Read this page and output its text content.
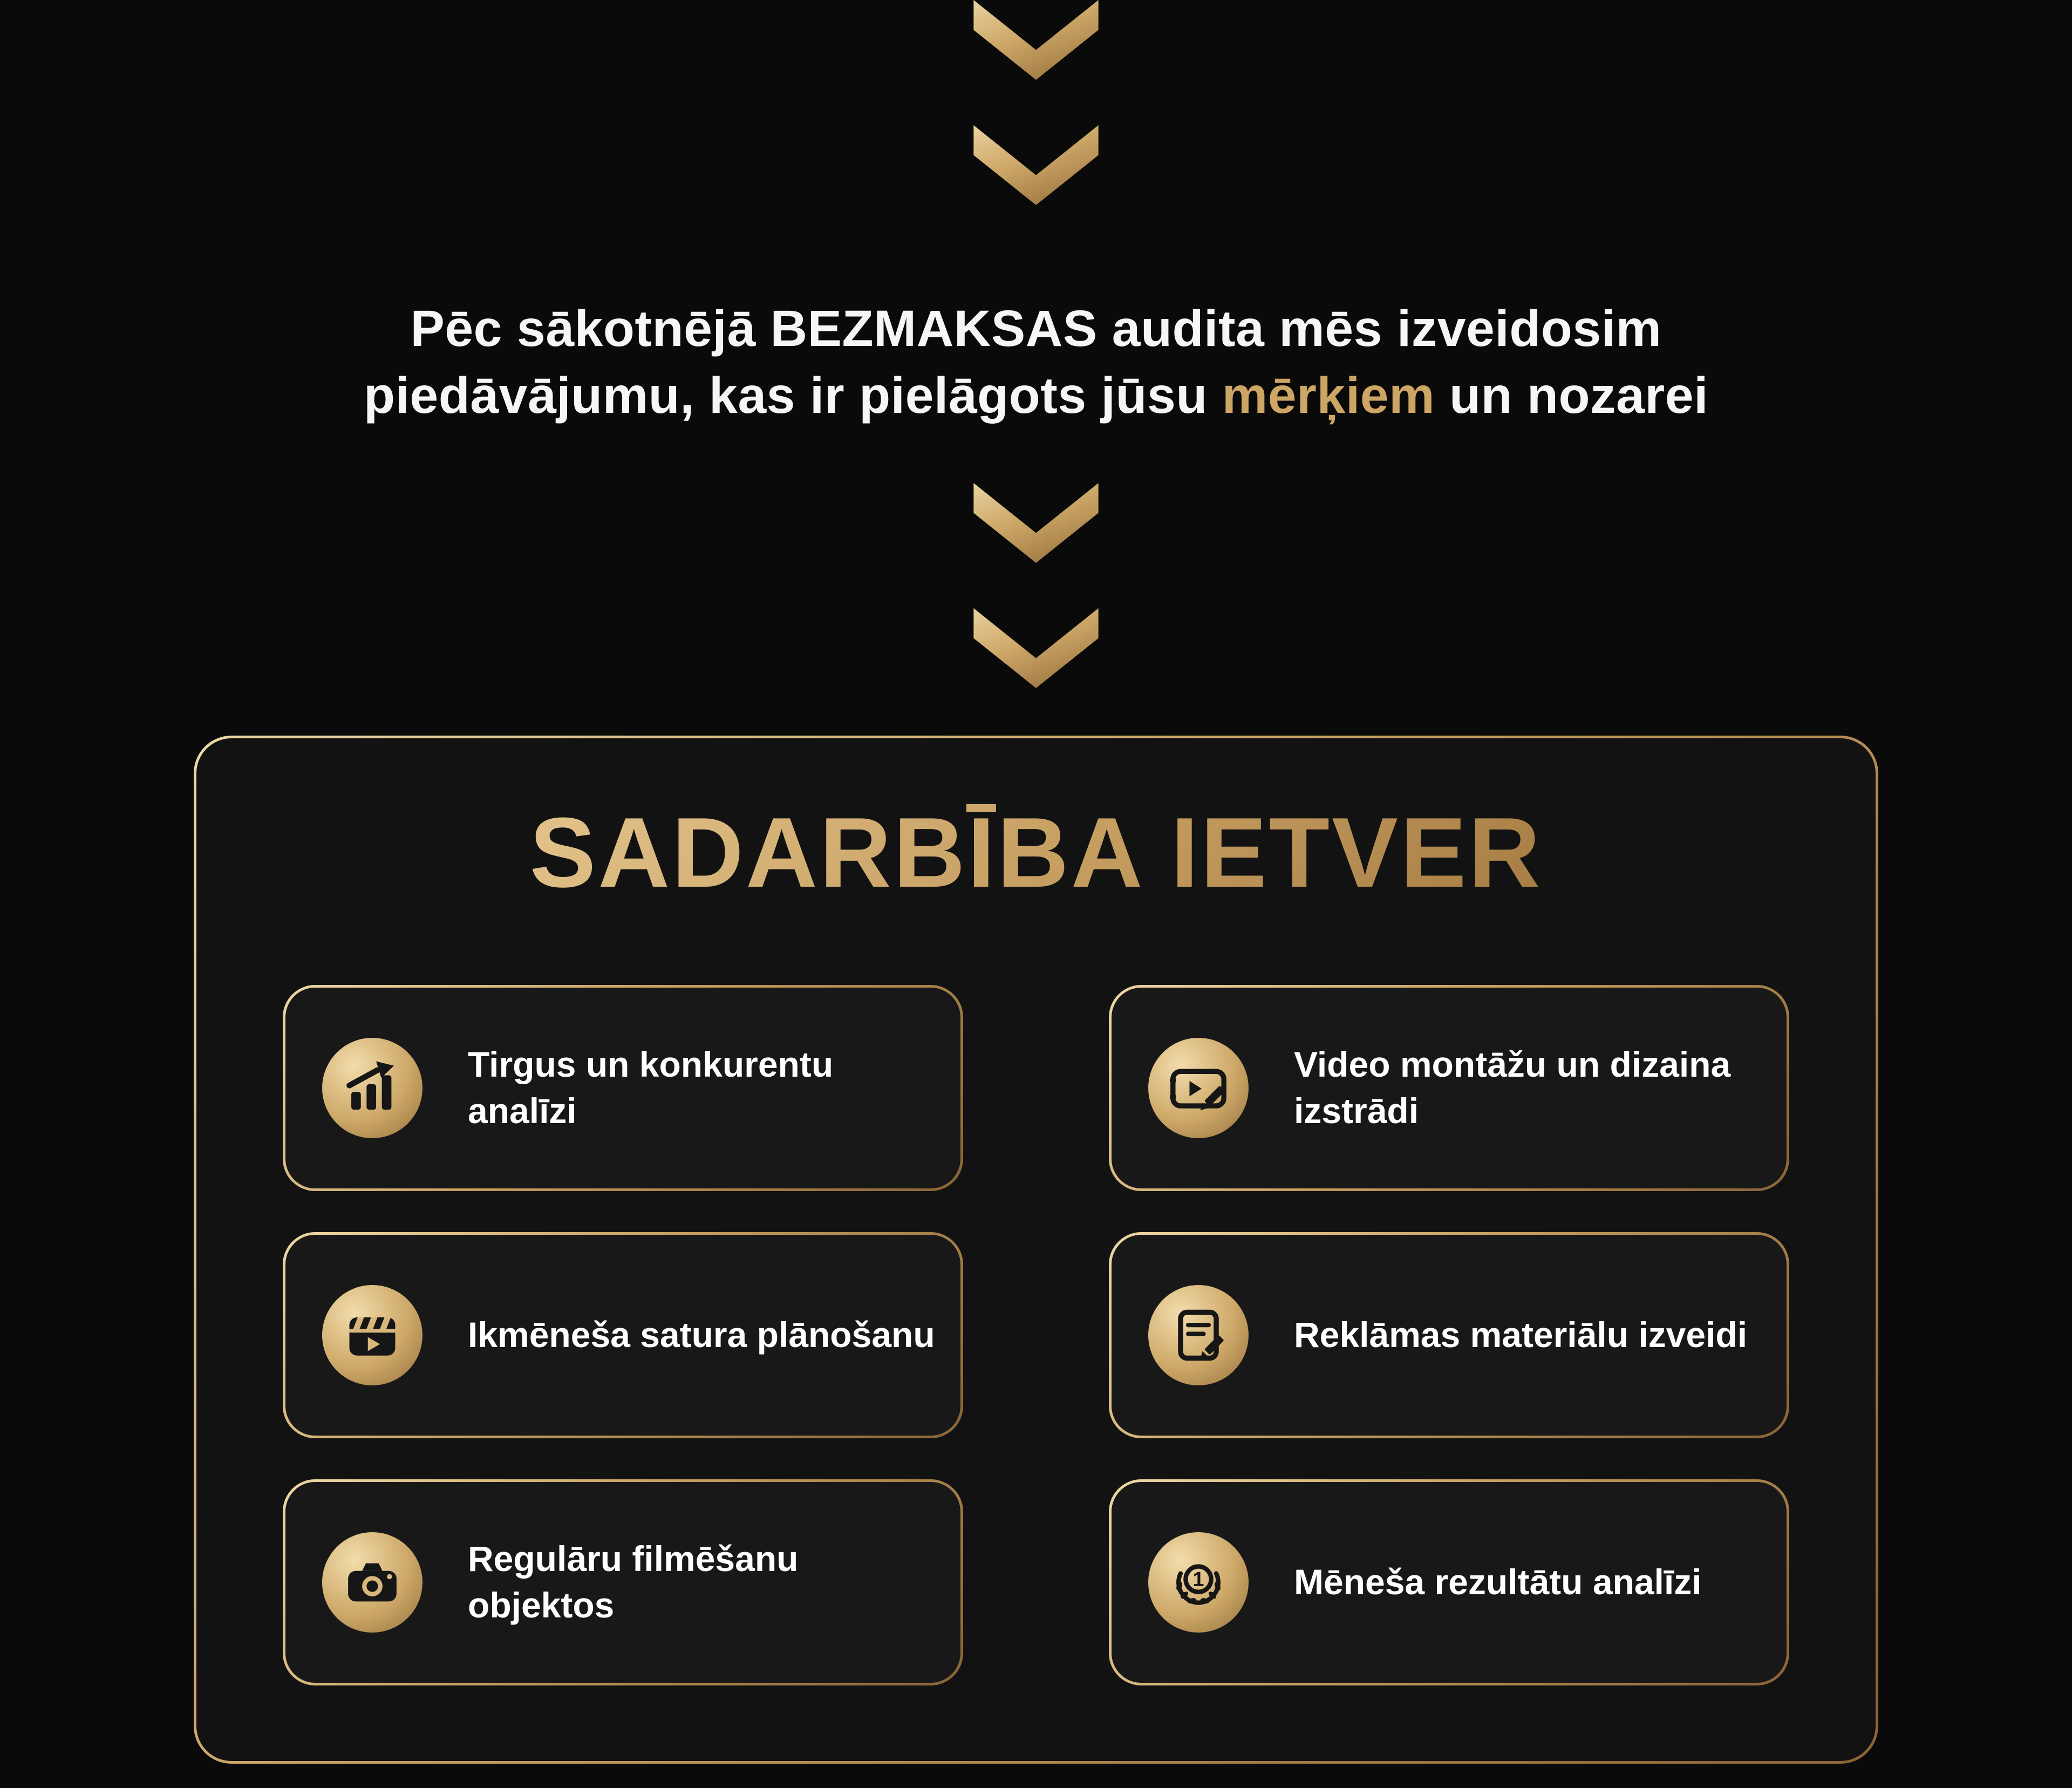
Pēc sākotnējā BEZMAKSAS audita mēs izveidosim
piedāvājumu, kas ir pielāgots jūsu mērķiem un nozarei

SADARBĪBA IETVER
Tirgus un konkurentu analīzi
Video montāžu un dizaina izstrādi
Ikmēneša satura plānošanu	Reklāmas materiālu izveidi
Regulāru filmēšanu objektos
1	Mēneša rezultātu analīzi
